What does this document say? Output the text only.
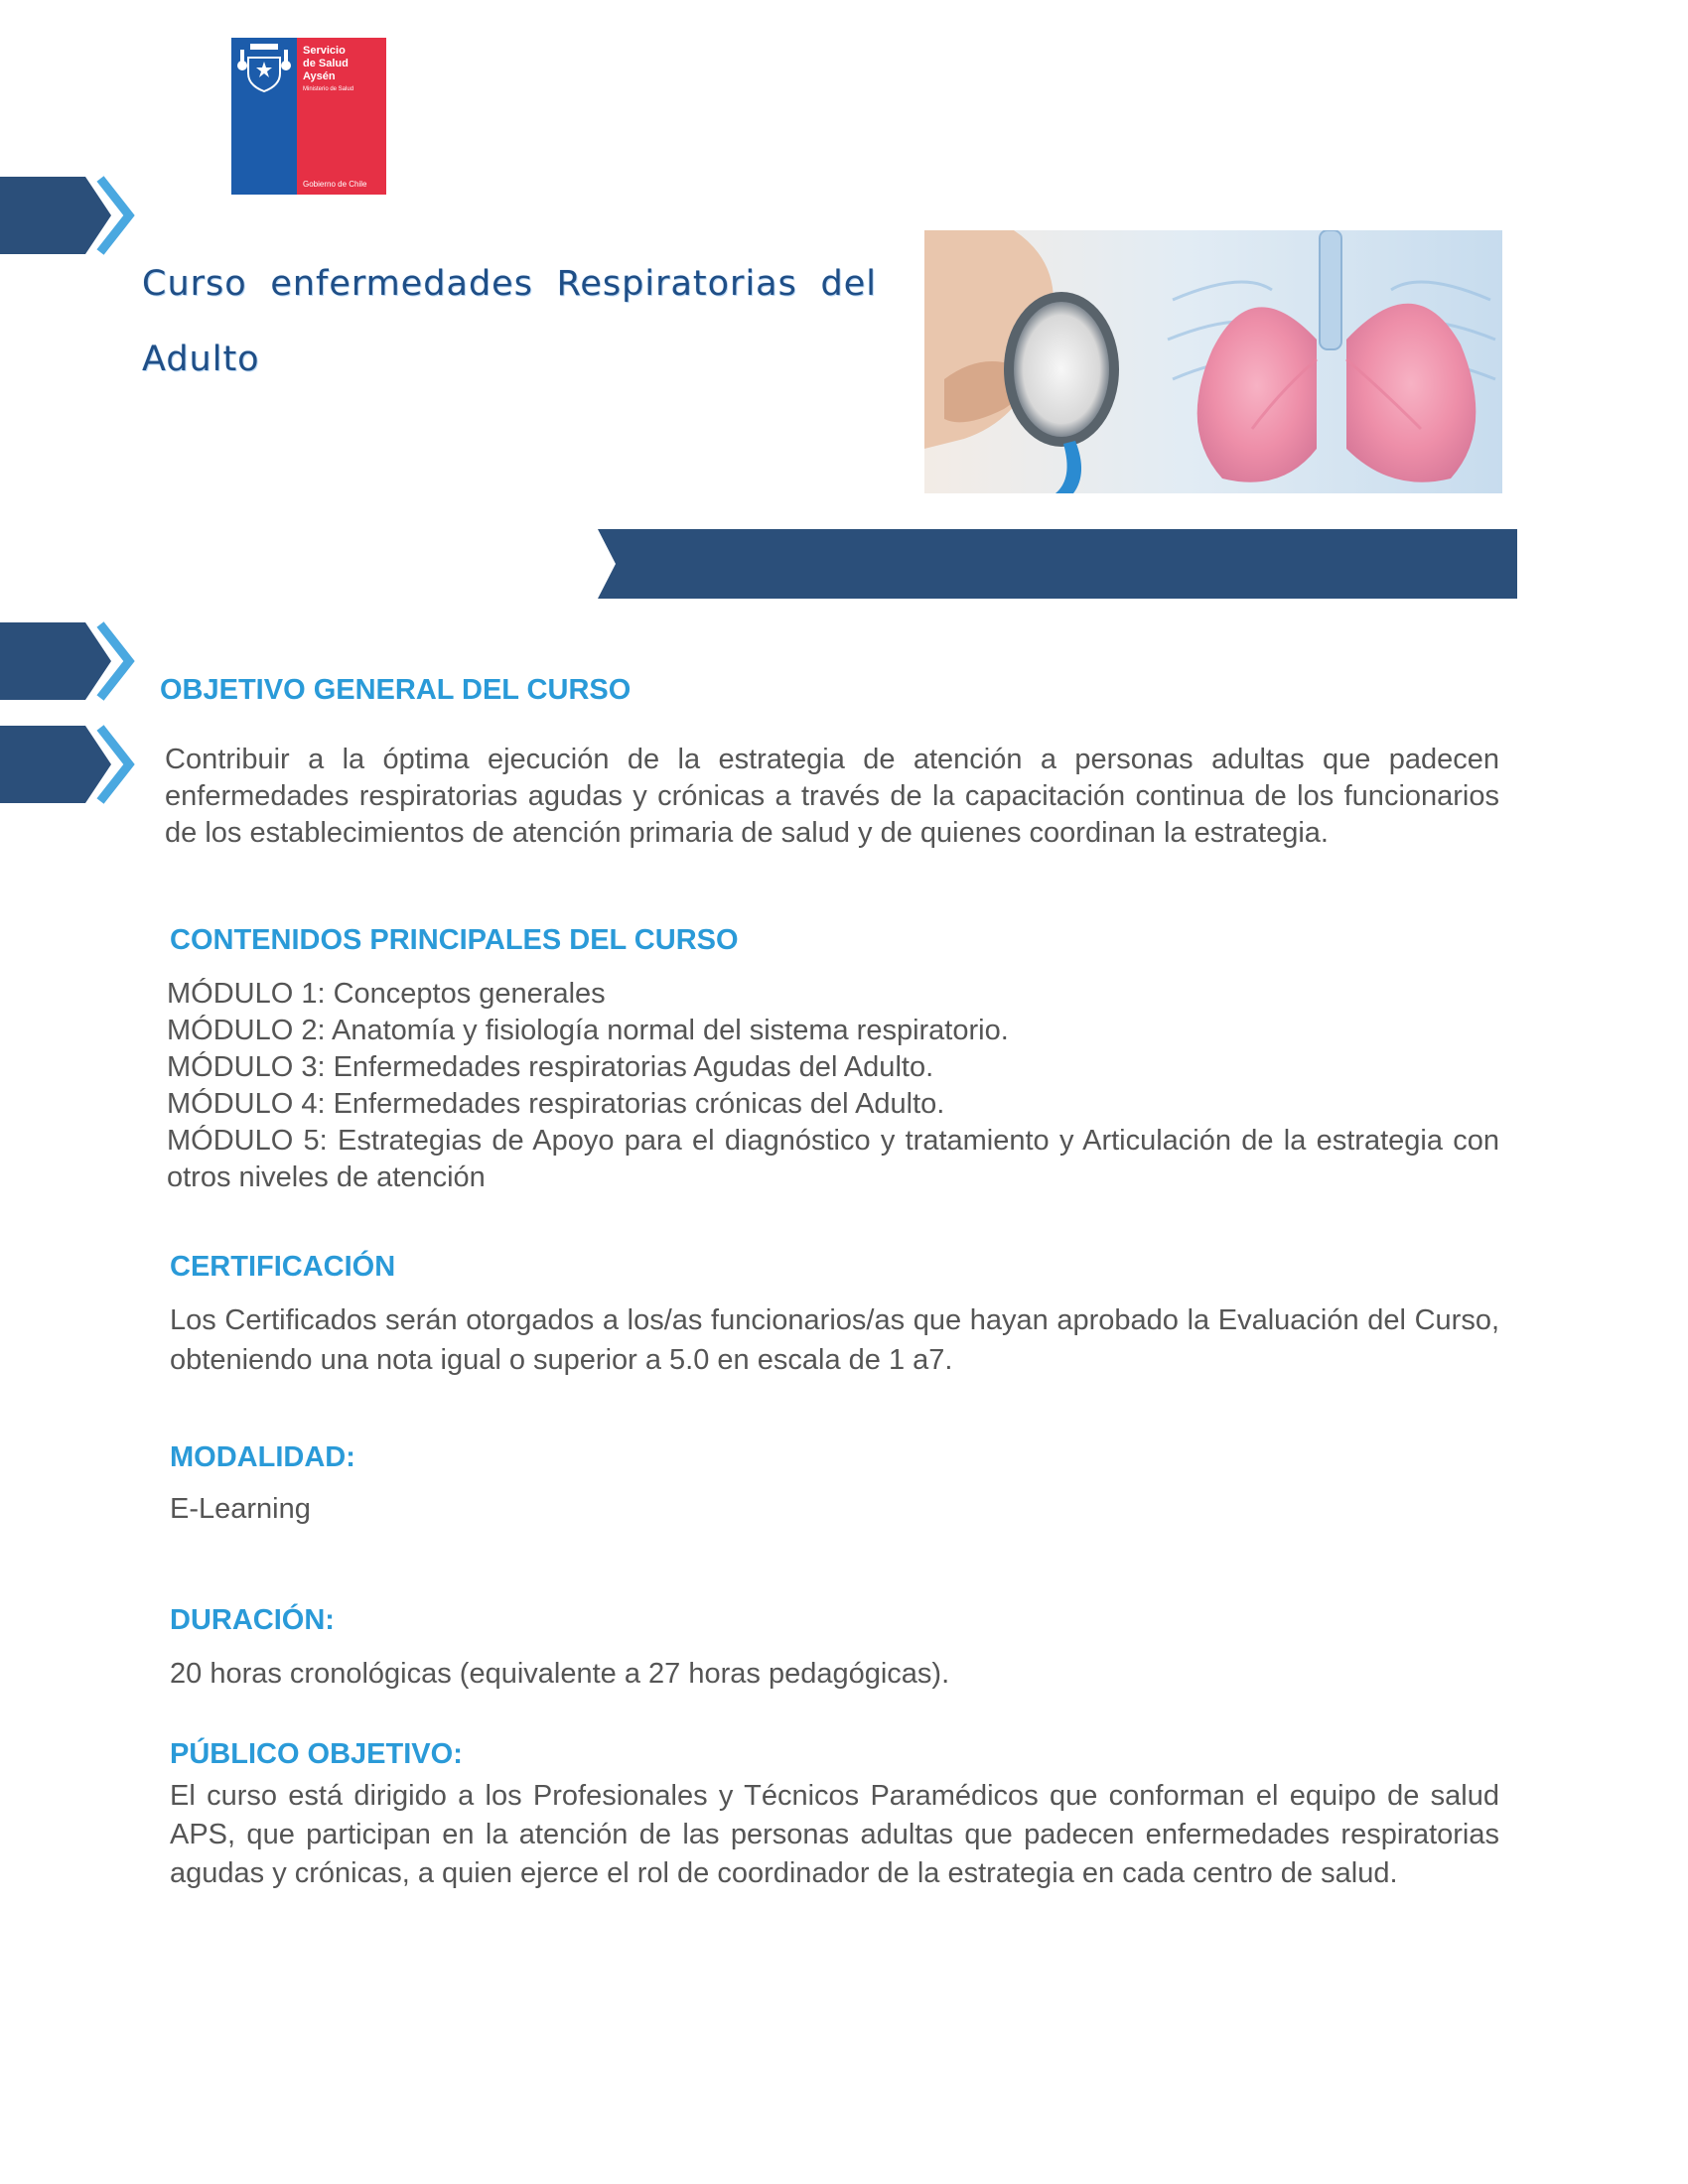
Servicio
de Salud
Aysén
Ministerio de Salud
Gobierno de Chile
Curso enfermedades Respiratorias del Adulto
OBJETIVO GENERAL DEL CURSO
Contribuir a la óptima ejecución de la estrategia de atención a personas adultas que padecen enfermedades respiratorias agudas y crónicas a través de la capacitación continua de los funcionarios de los establecimientos de atención primaria de salud y de quienes coordinan la estrategia.
CONTENIDOS PRINCIPALES DEL CURSO
MÓDULO 1: Conceptos generales
MÓDULO 2: Anatomía y fisiología normal del sistema respiratorio.
MÓDULO 3: Enfermedades respiratorias Agudas del Adulto.
MÓDULO 4: Enfermedades respiratorias crónicas del Adulto.
MÓDULO 5: Estrategias de Apoyo para el diagnóstico y tratamiento y Articulación de la estrategia con otros niveles de atención
CERTIFICACIÓN
Los Certificados serán otorgados a los/as funcionarios/as que hayan aprobado la Evaluación del Curso, obteniendo una nota igual o superior a 5.0 en escala de 1 a7.
MODALIDAD:
E-Learning
DURACIÓN:
20 horas cronológicas (equivalente a 27 horas pedagógicas).
PÚBLICO OBJETIVO:
El curso está dirigido a los Profesionales y Técnicos Paramédicos que conforman el equipo de salud APS, que participan en la atención de las personas adultas que padecen enfermedades respiratorias agudas y crónicas, a quien ejerce el rol de coordinador de la estrategia en cada centro de salud.
